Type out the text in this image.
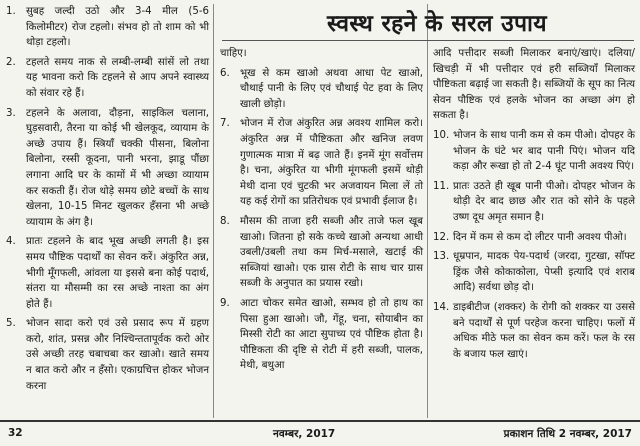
1.	सुबह जल्दी उठो और 3-4 मील (5-6 किलोमीटर) रोज टहलो। संभव हो तो शाम को भी थोड़ा टहलो।
2.	टहलते समय नाक से लम्बी-लम्बी सांसें लो तथा यह भावना करो कि टहलने से आप अपने स्वास्थ्य को संवार रहे हैं।
3.	टहलने के अलावा, दौड़ना, साइकिल चलाना, घुड़सवारी, तैरना या कोई भी खेलकूद, व्यायाम के अच्छे उपाय हैं। स्त्रियाँ चक्की पीसना, बिलोना बिलोना, रस्सी कूदना, पानी भरना, झाडू पौंछा लगाना आदि घर के कामों में भी अच्छा व्यायाम कर सकती हैं। रोज थोड़े समय छोटे बच्चों के साथ खेलना, 10-15 मिनट खुलकर हँसना भी अच्छे व्यायाम के अंग है।
4.	प्रातः टहलने के बाद भूख अच्छी लगती है। इस समय पौष्टिक पदार्थों का सेवन करें। अंकुरित अन्न, भीगी मूँगफली, आंवला या इससे बना कोई पदार्थ, संतरा या मौसम्मी का रस अच्छे नाश्ता का अंग होते हैं।
5.	भोजन सादा करो एवं उसे प्रसाद रूप में ग्रहण करो, शांत, प्रसन्न और निश्चिन्ततापूर्वक करो ओर उसे अच्छी तरह चबाचबा कर खाओ। खाते समय न बात करो और न हँसो। एकाग्रचित्त होकर भोजन करना
स्वस्थ रहने के सरल उपाय
चाहिए।
6.	भूख से कम खाओ अथवा आधा पेट खाओ, चौथाई पानी के लिए एवं चौथाई पेट हवा के लिए खाली छोड़ो।
7.	भोजन में रोज अंकुरित अन्न अवश्य शामिल करो। अंकुरित अन्न में पौष्टिकता और खनिज लवण गुणात्मक मात्रा में बढ़ जाते हैं। इनमें मूंग सर्वोत्तम है। चना, अंकुरित या भीगी मूंगफली इसमें थोड़ी मेथी दाना एवं चुटकी भर अजवायन मिला लें तो यह कई रोगों का प्रतिरोधक एवं प्रभावी ईलाज है।
8.	मौसम की ताजा हरी सब्जी और ताजे फल खूब खाओ। जितना हो सके कच्चे खाओ अन्यथा आधी उबली/उबली तथा कम मिर्च-मसाले, खटाई की सब्जियां खाओ। एक ग्रास रोटी के साथ चार ग्रास सब्जी के अनुपात का प्रयास रखो।
9.	आटा चोकर समेत खाओ, सम्भव हो तो हाथ का पिसा हुआ खाओ। जौ, गेंहू, चना, सोयाबीन का मिस्सी रोटी का आटा सुपाच्य एवं पौष्टिक होता है। पौष्टिकता की दृष्टि से रोटी में हरी सब्जी, पालक, मेथी, बथुआ
आदि पत्तीदार सब्जी मिलाकर बनाएं/खाएं। दलिया/खिचड़ी में भी पत्तीदार एवं हरी सब्जियाँ मिलाकर पौष्टिकता बढ़ाई जा सकती है। सब्जियों के सूप का नित्य सेवन पौष्टिक एवं हलके भोजन का अच्छा अंग हो सकता है।
10. भोजन के साथ पानी कम से कम पीओ। दोपहर के भोजन के घंटे भर बाद पानी पिएं। भोजन यदि कड़ा और रूखा हो तो 2-4 घूंट पानी अवश्य पिएं।
11. प्रातः उठते ही खूब पानी पीओ। दोपहर भोजन के थोड़ी देर बाद छाछ और रात को सोने के पहले उष्ण दूध अमृत समान है।
12. दिन में कम से कम दो लीटर पानी अवश्य पीओ।
13. धूम्रपान, मादक पेय-पदार्थ (जरदा, गुटखा, सॉफ्ट ड्रिंक जैसे कोकाकोला, पेप्सी इत्यादि एवं शराब आदि) सर्वथा छोड़ दो।
14. डाइबीटीज (शक्कर) के रोगी को शक्कर या उससे बने पदार्थों से पूर्ण परहेज करना चाहिए। फलों में अधिक मीठे फल का सेवन कम करें। फल के रस के बजाय फल खाएं।
32	नवम्बर, 2017	प्रकाशन तिथि 2 नवम्बर, 2017
